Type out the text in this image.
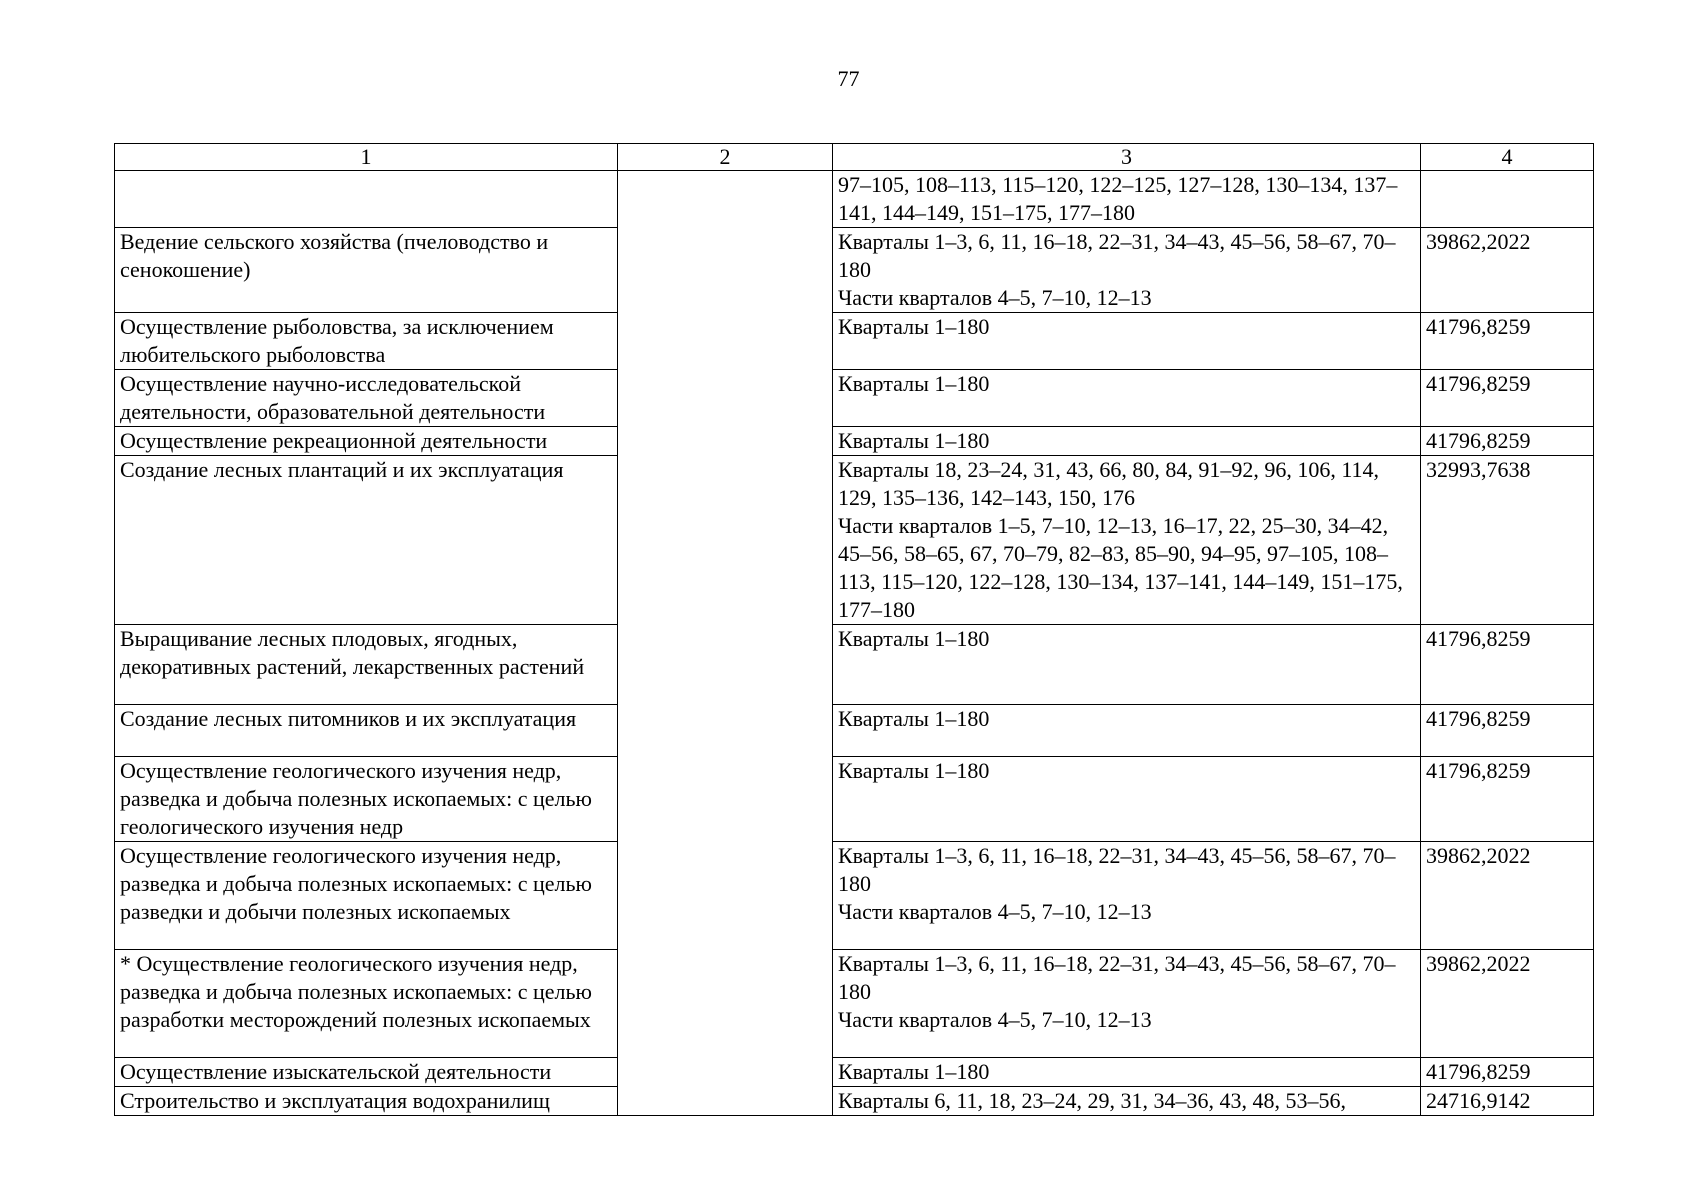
77
1	2	3	4

		97–105, 108–113, 115–120, 122–125, 127–128, 130–134, 137–141, 144–149, 151–175, 177–180	

Ведение сельского хозяйства (пчеловодство и сенокошение)		Кварталы 1–3, 6, 11, 16–18, 22–31, 34–43, 45–56, 58–67, 70–180
Части кварталов 4–5, 7–10, 12–13	39862,2022
Осуществление рыболовства, за исключением любительского рыболовства		Кварталы 1–180	41796,8259
Осуществление научно-исследовательской деятельности, образовательной деятельности		Кварталы 1–180	41796,8259
Осуществление рекреационной деятельности		Кварталы 1–180	41796,8259
Создание лесных плантаций и их эксплуатация		Кварталы 18, 23–24, 31, 43, 66, 80, 84, 91–92, 96, 106, 114, 129, 135–136, 142–143, 150, 176
Части кварталов 1–5, 7–10, 12–13, 16–17, 22, 25–30, 34–42, 45–56, 58–65, 67, 70–79, 82–83, 85–90, 94–95, 97–105, 108–113, 115–120, 122–128, 130–134, 137–141, 144–149, 151–175, 177–180	32993,7638
Выращивание лесных плодовых, ягодных, декоративных растений, лекарственных растений		Кварталы 1–180	41796,8259
Создание лесных питомников и их эксплуатация		Кварталы 1–180	41796,8259
Осуществление геологического изучения недр, разведка и добыча полезных ископаемых: с целью геологического изучения недр		Кварталы 1–180	41796,8259
Осуществление геологического изучения недр, разведка и добыча полезных ископаемых: с целью разведки и добычи полезных ископаемых		Кварталы 1–3, 6, 11, 16–18, 22–31, 34–43, 45–56, 58–67, 70–180
Части кварталов 4–5, 7–10, 12–13	39862,2022
* Осуществление геологического изучения недр, разведка и добыча полезных ископаемых: с целью разработки месторождений полезных ископаемых		Кварталы 1–3, 6, 11, 16–18, 22–31, 34–43, 45–56, 58–67, 70–180
Части кварталов 4–5, 7–10, 12–13	39862,2022
Осуществление изыскательской деятельности		Кварталы 1–180	41796,8259
Строительство и эксплуатация водохранилищ		Кварталы 6, 11, 18, 23–24, 29, 31, 34–36, 43, 48, 53–56,	24716,9142
